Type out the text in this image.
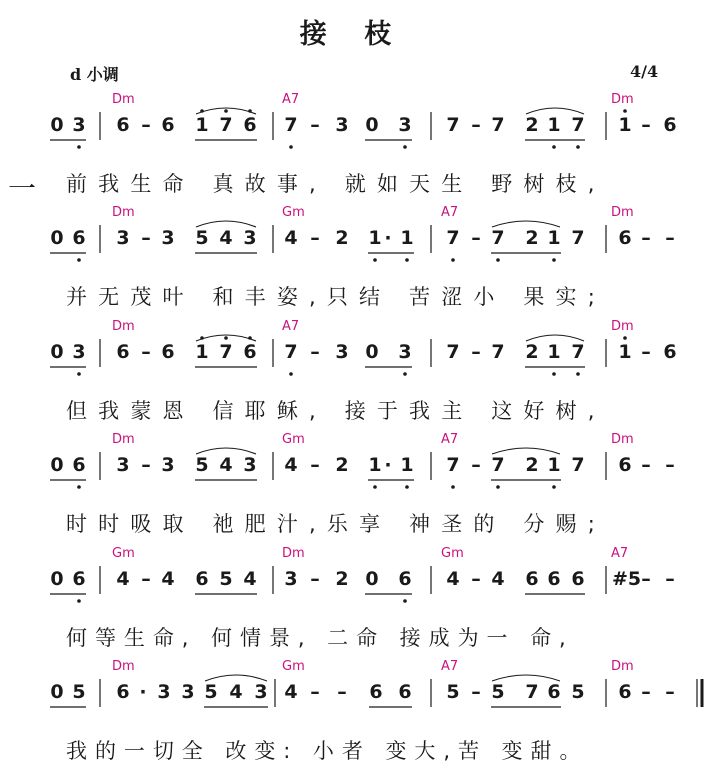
接 枝
d 小调	4/4
一
Dm	A7	Dm
0 3 6 – 6 1 7 6 7 – 3 0 3 7 – 7 2 1 7 1 – 6
前我生命 真故事, 就如天生 野树枝,
Dm	Gm	A7	Dm
0 6 3 – 3 5 4 3 4 – 2 1 · 1 7 – 7 2 1 7 6 – –
并无茂叶 和丰姿,只结 苦涩小 果实;
Dm	A7	Dm
0 3 6 – 6 1 7 6 7 – 3 0 3 7 – 7 2 1 7 1 – 6
但我蒙恩 信耶稣, 接于我主 这好树,
Dm	Gm	A7	Dm
0 6 3 – 3 5 4 3 4 – 2 1 · 1 7 – 7 2 1 7 6 – –
时时吸取 祂肥汁,乐享 神圣的 分赐;
Gm	Dm	Gm	A7
0 6 4 – 4 6 5 4 3 – 2 0 6 4 – 4 6 6 6 #5 – –
何等生命, 何情景, 二命 接成为一 命,
Dm	Gm	A7	Dm
0 5 6 · 3 3 5 4 3 4 – – 6 6 5 – 5 7 6 5 6 – –
我的一切全 改变: 小者 变大,苦 变甜。
